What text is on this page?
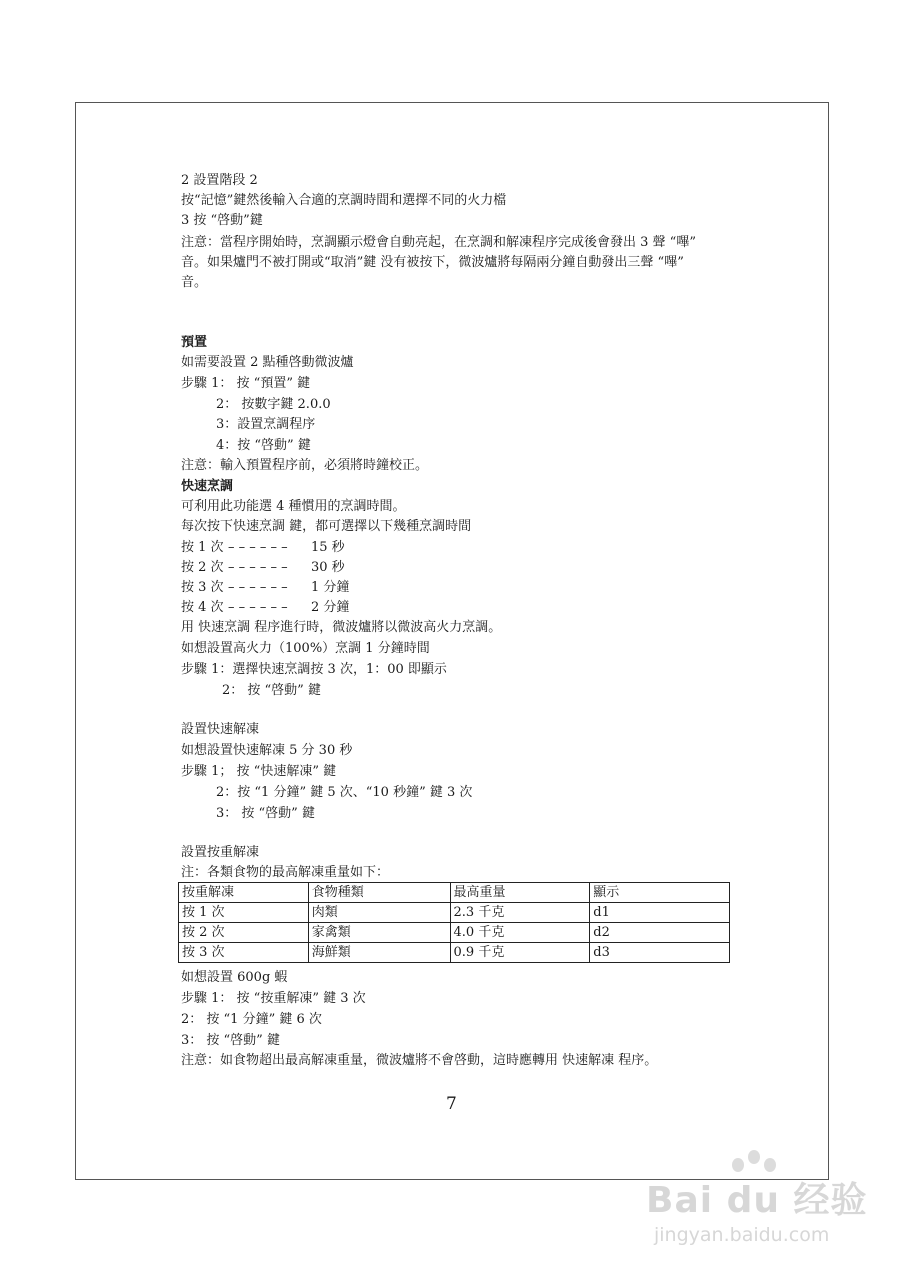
2 設置階段 2
按“記憶”鍵然後輸入合適的烹調時間和選擇不同的火力檔
3 按 “啓動”鍵
注意：當程序開始時，烹調顯示燈會自動亮起，在烹調和解凍程序完成後會發出 3 聲 “嗶”
音。如果爐門不被打開或“取消”鍵 没有被按下，微波爐將每隔兩分鐘自動發出三聲 “嗶”
音。
預置
如需要設置 2 點種啓動微波爐
步驟 1： 按 “預置” 鍵
2： 按數字鍵 2.0.0
3：設置烹調程序
4：按 “啓動” 鍵
注意：輸入預置程序前，必須將時鐘校正。
快速烹調
可利用此功能選 4 種慣用的烹調時間。
每次按下快速烹調 鍵，都可選擇以下幾種烹調時間
按 1 次 – – – – – – 15 秒
按 2 次 – – – – – – 30 秒
按 3 次 – – – – – – 1 分鐘
按 4 次 – – – – – – 2 分鐘
用 快速烹調 程序進行時，微波爐將以微波高火力烹調。
如想設置高火力（100%）烹調 1 分鐘時間
步驟 1：選擇快速烹調按 3 次，1：00 即顯示
2： 按 “啓動” 鍵
設置快速解凍
如想設置快速解凍 5 分 30 秒
步驟 1； 按 “快速解凍” 鍵
2：按 “1 分鐘” 鍵 5 次、“10 秒鐘” 鍵 3 次
3： 按 “啓動” 鍵
設置按重解凍
注：各類食物的最高解凍重量如下：
按重解凍	食物種類	最高重量	顯示
按 1 次	肉類	2.3 千克	d1
按 2 次	家禽類	4.0 千克	d2
按 3 次	海鮮類	0.9 千克	d3
如想設置 600g 蝦
步驟 1： 按 “按重解凍” 鍵 3 次
2： 按 “1 分鐘” 鍵 6 次
3： 按 “啓動” 鍵
注意：如食物超出最高解凍重量，微波爐將不會啓動，這時應轉用 快速解凍 程序。
7
Bai du 经验
jingyan.baidu.com
